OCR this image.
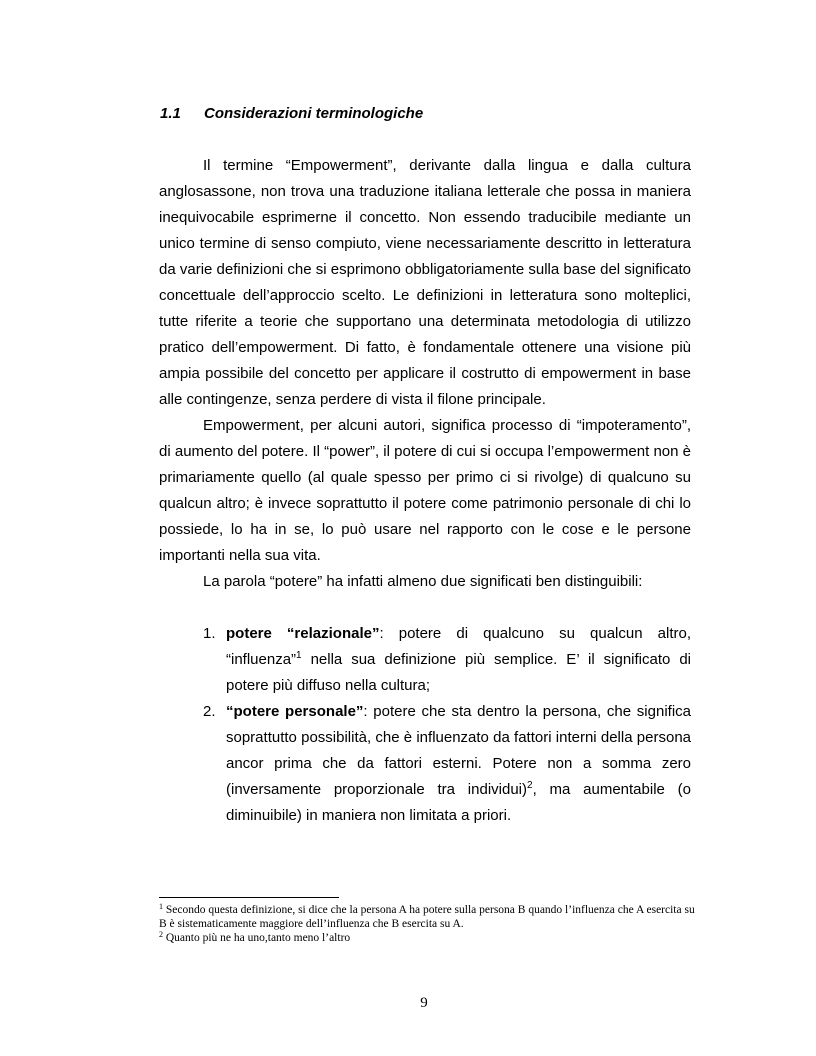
1.1 Considerazioni terminologiche

Il termine “Empowerment”, derivante dalla lingua e dalla cultura anglosassone, non trova una traduzione italiana letterale che possa in maniera inequivocabile esprimerne il concetto. Non essendo traducibile mediante un unico termine di senso compiuto, viene necessariamente descritto in letteratura da varie definizioni che si esprimono obbligatoriamente sulla base del significato concettuale dell’approccio scelto. Le definizioni in letteratura sono molteplici, tutte riferite a teorie che supportano una determinata metodologia di utilizzo pratico dell’empowerment. Di fatto, è fondamentale ottenere una visione più ampia possibile del concetto per applicare il costrutto di empowerment in base alle contingenze, senza perdere di vista il filone principale.

Empowerment, per alcuni autori, significa processo di “impoteramento”, di aumento del potere. Il “power”, il potere di cui si occupa l’empowerment non è primariamente quello (al quale spesso per primo ci si rivolge) di qualcuno su qualcun altro; è invece soprattutto il potere come patrimonio personale di chi lo possiede, lo ha in se, lo può usare nel rapporto con le cose e le persone importanti nella sua vita.

La parola “potere” ha infatti almeno due significati ben distinguibili:

1. potere “relazionale”: potere di qualcuno su qualcun altro, “influenza”$^1$ nella sua definizione più semplice. E’ il significato di potere più diffuso nella cultura;
2. “potere personale”: potere che sta dentro la persona, che significa soprattutto possibilità, che è influenzato da fattori interni della persona ancor prima che da fattori esterni. Potere non a somma zero (inversamente proporzionale tra individui)$^2$, ma aumentabile (o diminuibile) in maniera non limitata a priori.

$^1$ Secondo questa definizione, si dice che la persona A ha potere sulla persona B quando l’influenza che A esercita su B è sistematicamente maggiore dell’influenza che B esercita su A.

$^2$ Quanto più ne ha uno,tanto meno l’altro

9
